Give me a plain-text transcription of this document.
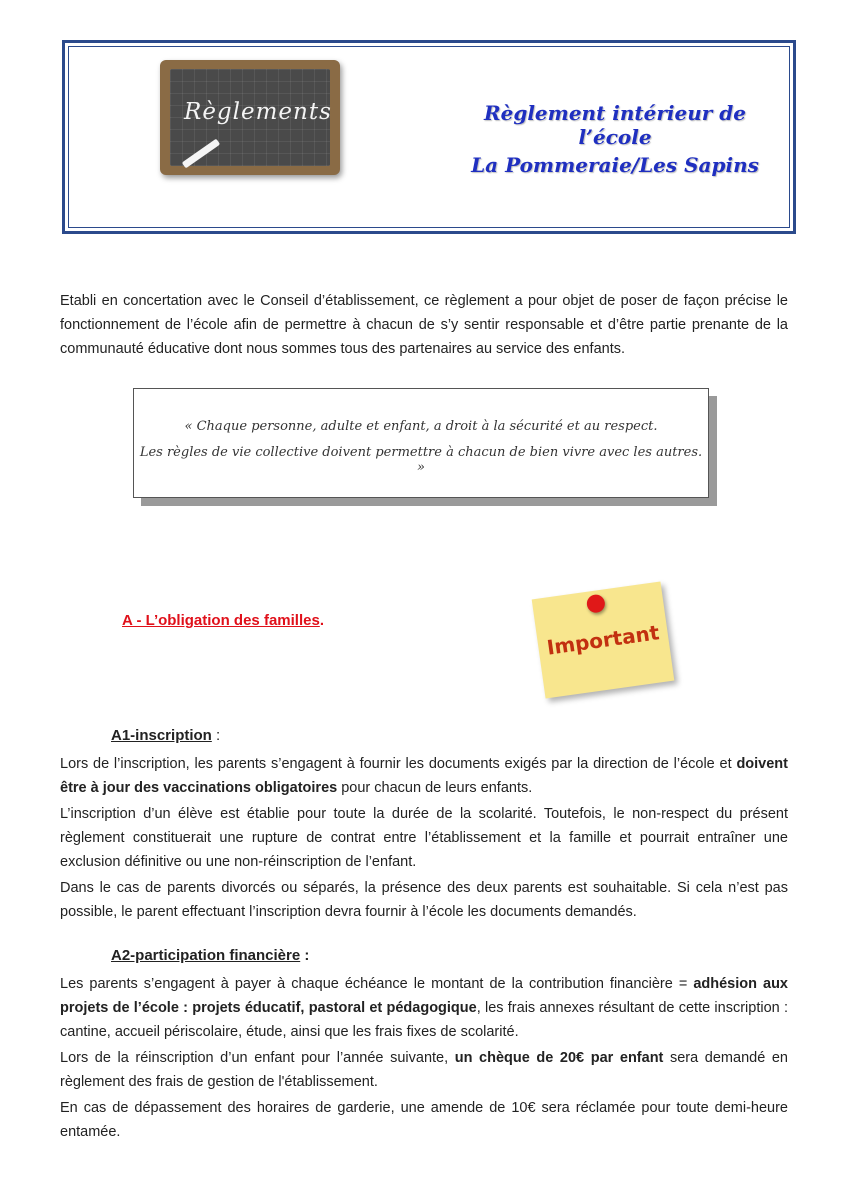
Règlements	Règlement intérieur de l’école
La Pommeraie/Les Sapins

Etabli en concertation avec le Conseil d’établissement, ce règlement a pour objet de poser de façon précise le fonctionnement de l’école afin de permettre à chacun de s’y sentir responsable et d’être partie prenante de la communauté éducative dont nous sommes tous des partenaires au service des enfants.

« Chaque personne, adulte et enfant, a droit à la sécurité et au respect.
Les règles de vie collective doivent permettre à chacun de bien vivre avec les autres. »
A - L’obligation des familles.	Important
A1-inscription :

Lors de l’inscription, les parents s’engagent à fournir les documents exigés par la direction de l’école et doivent être à jour des vaccinations obligatoires pour chacun de leurs enfants.

L’inscription d’un élève est établie pour toute la durée de la scolarité. Toutefois, le non-respect du présent règlement constituerait une rupture de contrat entre l’établissement et la famille et pourrait entraîner une exclusion définitive ou une non-réinscription de l’enfant.

Dans le cas de parents divorcés ou séparés, la présence des deux parents est souhaitable. Si cela n’est pas possible, le parent effectuant l’inscription devra fournir à l’école les documents demandés.

A2-participation financière :

Les parents s’engagent à payer à chaque échéance le montant de la contribution financière = adhésion aux projets de l’école : projets éducatif, pastoral et pédagogique, les frais annexes résultant de cette inscription : cantine, accueil périscolaire, étude, ainsi que les frais fixes de scolarité.

Lors de la réinscription d’un enfant pour l’année suivante, un chèque de 20€ par enfant sera demandé en règlement des frais de gestion de l'établissement.

En cas de dépassement des horaires de garderie, une amende de 10€ sera réclamée pour toute demi-heure entamée.
